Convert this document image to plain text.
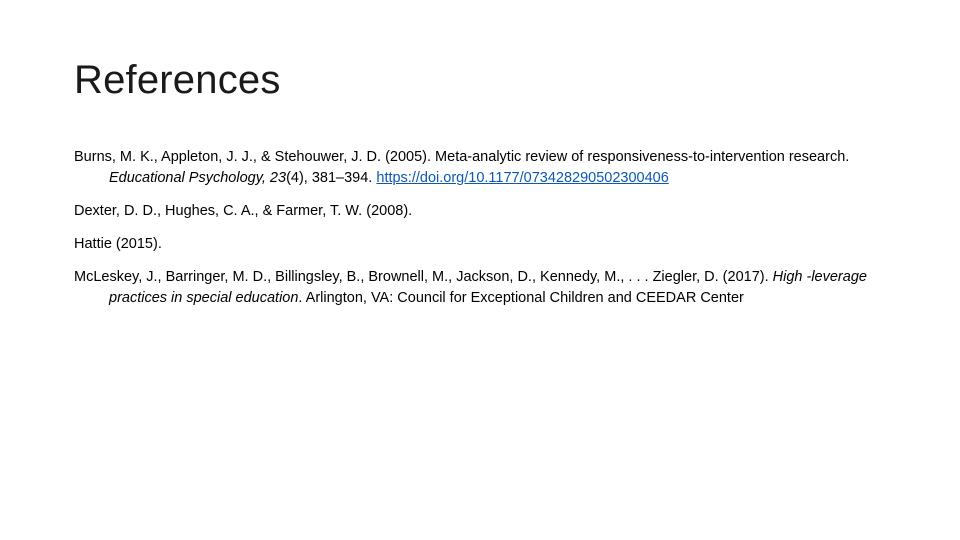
References
Burns, M. K., Appleton, J. J., & Stehouwer, J. D. (2005). Meta-analytic review of responsiveness-to-intervention research. Educational Psychology, 23(4), 381–394. https://doi.org/10.1177/073428290502300406
Dexter, D. D., Hughes, C. A., & Farmer, T. W. (2008).
Hattie (2015).
McLeskey, J., Barringer, M. D., Billingsley, B., Brownell, M., Jackson, D., Kennedy, M., . . . Ziegler, D. (2017). High -leverage practices in special education. Arlington, VA: Council for Exceptional Children and CEEDAR Center
